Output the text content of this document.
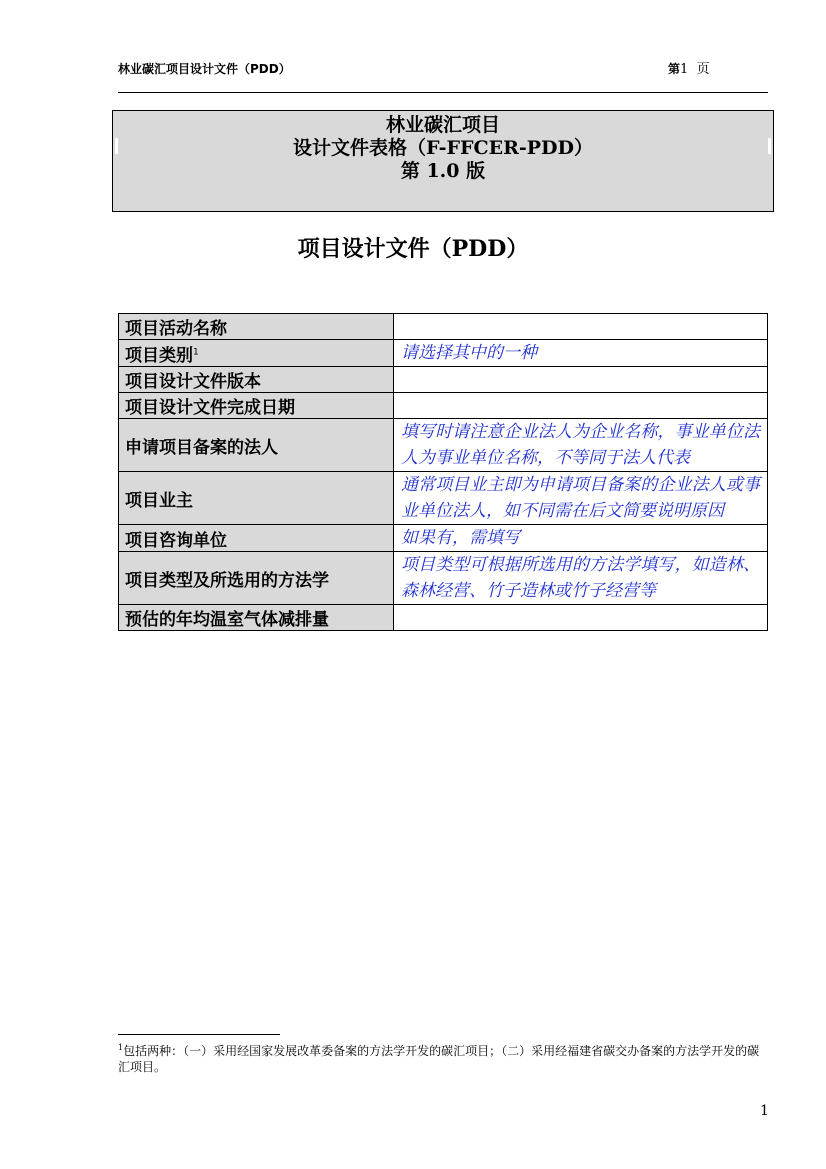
林业碳汇项目设计文件（PDD）	第1 页
林业碳汇项目
设计文件表格（F-FFCER-PDD）
第 1.0 版
项目设计文件（PDD）
项目活动名称	
项目类别$^1$	请选择其中的一种
项目设计文件版本	
项目设计文件完成日期	
申请项目备案的法人	填写时请注意企业法人为企业名称，事业单位法人为事业单位名称，不等同于法人代表
项目业主	通常项目业主即为申请项目备案的企业法人或事业单位法人，如不同需在后文简要说明原因
项目咨询单位	如果有，需填写
项目类型及所选用的方法学	项目类型可根据所选用的方法学填写，如造林、森林经营、竹子造林或竹子经营等
预估的年均温室气体减排量	
$^1$包括两种：（一）采用经国家发展改革委备案的方法学开发的碳汇项目；（二）采用经福建省碳交办备案的方法学开发的碳汇项目。
1
